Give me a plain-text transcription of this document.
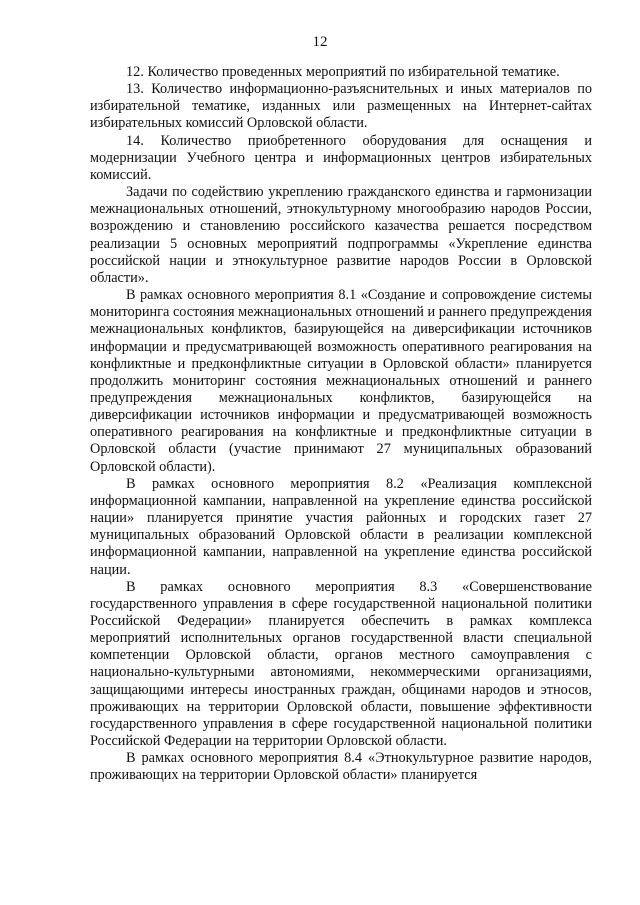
12

12. Количество проведенных мероприятий по избирательной тематике.

13. Количество информационно-разъяснительных и иных материалов по избирательной тематике, изданных или размещенных на Интернет-сайтах избирательных комиссий Орловской области.

14. Количество приобретенного оборудования для оснащения и модернизации Учебного центра и информационных центров избирательных комиссий.

Задачи по содействию укреплению гражданского единства и гармонизации межнациональных отношений, этнокультурному многообразию народов России, возрождению и становлению российского казачества решается посредством реализации 5 основных мероприятий подпрограммы «Укрепление единства российской нации и этнокультурное развитие народов России в Орловской области».

В рамках основного мероприятия 8.1 «Создание и сопровождение системы мониторинга состояния межнациональных отношений и раннего предупреждения межнациональных конфликтов, базирующейся на диверсификации источников информации и предусматривающей возможность оперативного реагирования на конфликтные и предконфликтные ситуации в Орловской области» планируется продолжить мониторинг состояния межнациональных отношений и раннего предупреждения межнациональных конфликтов, базирующейся на диверсификации источников информации и предусматривающей возможность оперативного реагирования на конфликтные и предконфликтные ситуации в Орловской области (участие принимают 27 муниципальных образований Орловской области).

В рамках основного мероприятия 8.2 «Реализация комплексной информационной кампании, направленной на укрепление единства российской нации» планируется принятие участия районных и городских газет 27 муниципальных образований Орловской области в реализации комплексной информационной кампании, направленной на укрепление единства российской нации.

В рамках основного мероприятия 8.3 «Совершенствование государственного управления в сфере государственной национальной политики Российской Федерации» планируется обеспечить в рамках комплекса мероприятий исполнительных органов государственной власти специальной компетенции Орловской области, органов местного самоуправления с национально-культурными автономиями, некоммерческими организациями, защищающими интересы иностранных граждан, общинами народов и этносов, проживающих на территории Орловской области, повышение эффективности государственного управления в сфере государственной национальной политики Российской Федерации на территории Орловской области.

В рамках основного мероприятия 8.4 «Этнокультурное развитие народов, проживающих на территории Орловской области» планируется
